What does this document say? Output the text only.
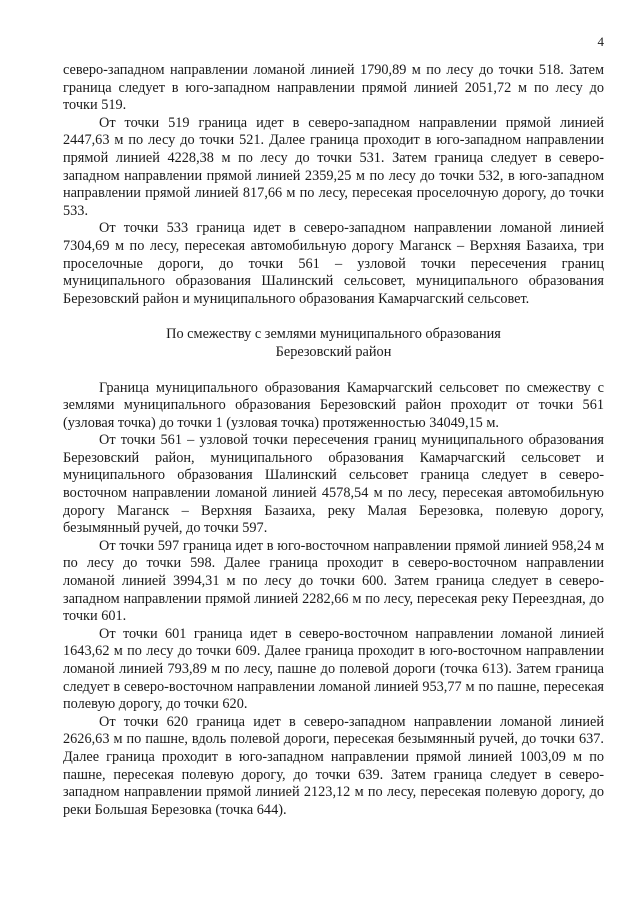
4

северо-западном направлении ломаной линией 1790,89 м по лесу до точки 518. Затем граница следует в юго-западном направлении прямой линией 2051,72 м по лесу до точки 519.

От точки 519 граница идет в северо-западном направлении прямой линией 2447,63 м по лесу до точки 521. Далее граница проходит в юго-западном направлении прямой линией 4228,38 м по лесу до точки 531. Затем граница следует в северо-западном направлении прямой линией 2359,25 м по лесу до точки 532, в юго-западном направлении прямой линией 817,66 м по лесу, пересекая проселочную дорогу, до точки 533.

От точки 533 граница идет в северо-западном направлении ломаной линией 7304,69 м по лесу, пересекая автомобильную дорогу Маганск – Верхняя Базаиха, три проселочные дороги, до точки 561 – узловой точки пересечения границ муниципального образования Шалинский сельсовет, муниципального образования Березовский район и муниципального образования Камарчагский сельсовет.

По смежеству с землями муниципального образования
Березовский район

Граница муниципального образования Камарчагский сельсовет по смежеству с землями муниципального образования Березовский район проходит от точки 561 (узловая точка) до точки 1 (узловая точка) протяженностью 34049,15 м.

От точки 561 – узловой точки пересечения границ муниципального образования Березовский район, муниципального образования Камарчагский сельсовет и муниципального образования Шалинский сельсовет граница следует в северо-восточном направлении ломаной линией 4578,54 м по лесу, пересекая автомобильную дорогу Маганск – Верхняя Базаиха, реку Малая Березовка, полевую дорогу, безымянный ручей, до точки 597.

От точки 597 граница идет в юго-восточном направлении прямой линией 958,24 м по лесу до точки 598. Далее граница проходит в северо-восточном направлении ломаной линией 3994,31 м по лесу до точки 600. Затем граница следует в северо-западном направлении прямой линией 2282,66 м по лесу, пересекая реку Переездная, до точки 601.

От точки 601 граница идет в северо-восточном направлении ломаной линией 1643,62 м по лесу до точки 609. Далее граница проходит в юго-восточном направлении ломаной линией 793,89 м по лесу, пашне до полевой дороги (точка 613). Затем граница следует в северо-восточном направлении ломаной линией 953,77 м по пашне, пересекая полевую дорогу, до точки 620.

От точки 620 граница идет в северо-западном направлении ломаной линией 2626,63 м по пашне, вдоль полевой дороги, пересекая безымянный ручей, до точки 637. Далее граница проходит в юго-западном направлении прямой линией 1003,09 м по пашне, пересекая полевую дорогу, до точки 639. Затем граница следует в северо-западном направлении прямой линией 2123,12 м по лесу, пересекая полевую дорогу, до реки Большая Березовка (точка 644).
